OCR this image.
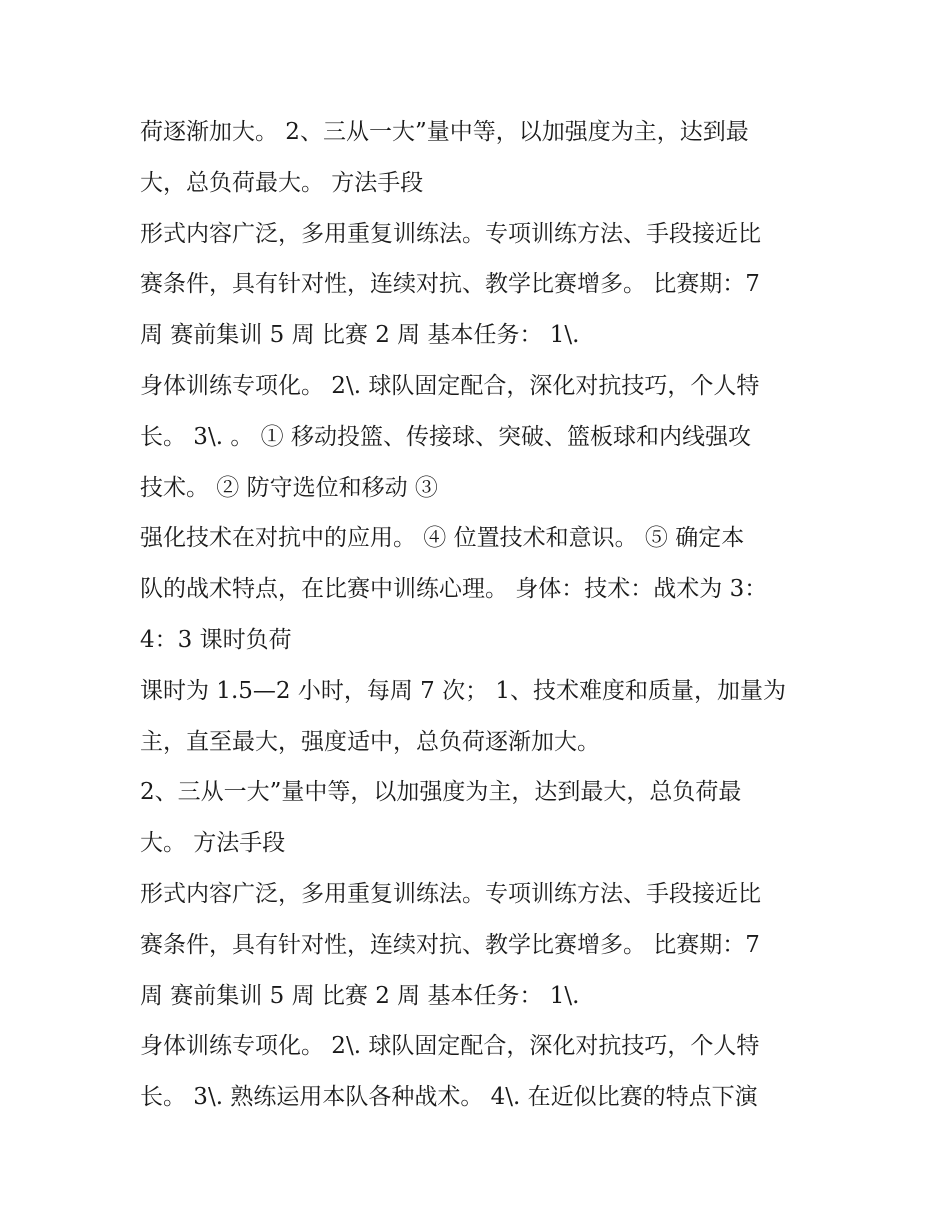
荷逐渐加大。 2、三从一大”量中等，以加强度为主，达到最
大，总负荷最大。 方法手段
形式内容广泛，多用重复训练法。专项训练方法、手段接近比
赛条件，具有针对性，连续对抗、教学比赛增多。 比赛期：7
周 赛前集训 5 周 比赛 2 周 基本任务： 1\.
身体训练专项化。 2\. 球队固定配合，深化对抗技巧，个人特
长。 3\. 。 ① 移动投篮、传接球、突破、篮板球和内线强攻
技术。 ② 防守选位和移动 ③
强化技术在对抗中的应用。 ④ 位置技术和意识。 ⑤ 确定本
队的战术特点，在比赛中训练心理。 身体：技术：战术为 3：
4：3 课时负荷
课时为 1.5—2 小时，每周 7 次； 1、技术难度和质量，加量为
主，直至最大，强度适中，总负荷逐渐加大。
2、三从一大”量中等，以加强度为主，达到最大，总负荷最
大。 方法手段
形式内容广泛，多用重复训练法。专项训练方法、手段接近比
赛条件，具有针对性，连续对抗、教学比赛增多。 比赛期：7
周 赛前集训 5 周 比赛 2 周 基本任务： 1\.
身体训练专项化。 2\. 球队固定配合，深化对抗技巧，个人特
长。 3\. 熟练运用本队各种战术。 4\. 在近似比赛的特点下演
